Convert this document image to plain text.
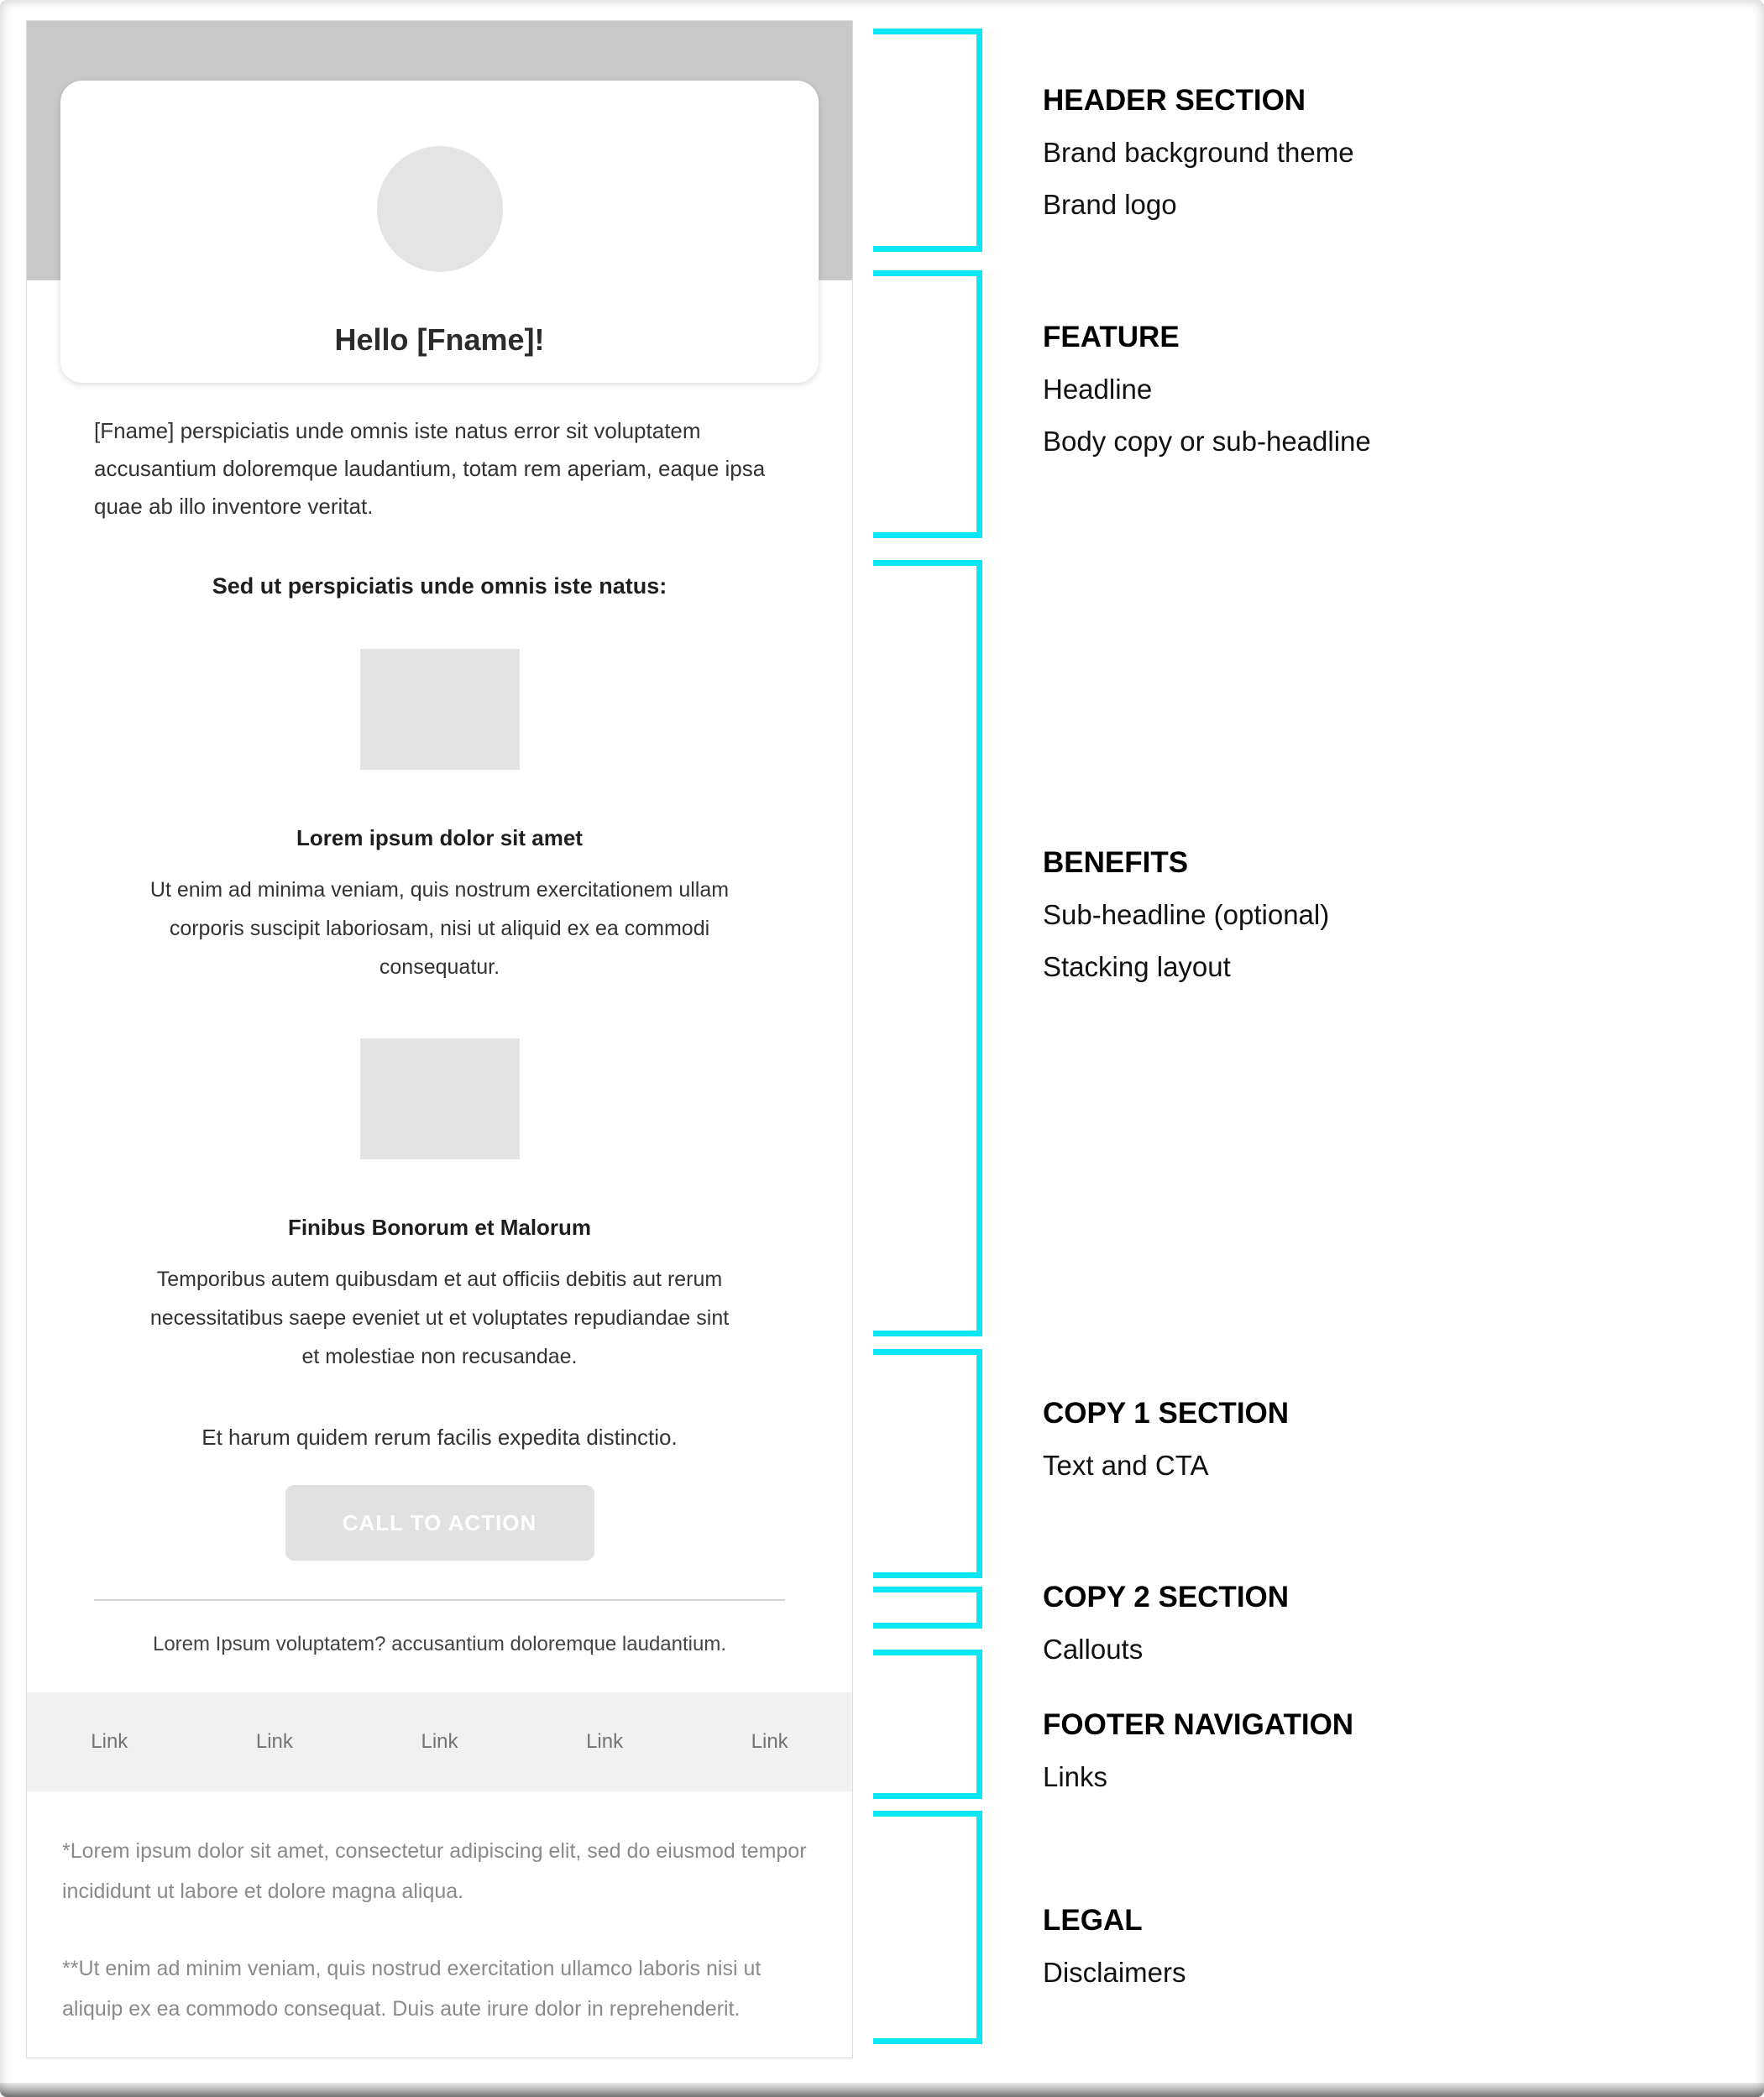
Hello [Fname]!

[Fname] perspiciatis unde omnis iste natus error sit voluptatem accusantium doloremque laudantium, totam rem aperiam, eaque ipsa quae ab illo inventore veritat.

Sed ut perspiciatis unde omnis iste natus:
Lorem ipsum dolor sit amet

Ut enim ad minima veniam, quis nostrum exercitationem ullam corporis suscipit laboriosam, nisi ut aliquid ex ea commodi consequatur.

Finibus Bonorum et Malorum

Temporibus autem quibusdam et aut officiis debitis aut rerum necessitatibus saepe eveniet ut et voluptates repudiandae sint et molestiae non recusandae.

Et harum quidem rerum facilis expedita distinctio.

CALL TO ACTION

Lorem Ipsum voluptatem? accusantium doloremque laudantium.

Link	Link	Link	Link	Link

*Lorem ipsum dolor sit amet, consectetur adipiscing elit, sed do eiusmod tempor incididunt ut labore et dolore magna aliqua.

**Ut enim ad minim veniam, quis nostrud exercitation ullamco laboris nisi ut aliquip ex ea commodo consequat. Duis aute irure dolor in reprehenderit.

HEADER SECTION

Brand background theme

Brand logo

FEATURE

Headline

Body copy or sub-headline

BENEFITS

Sub-headline (optional)

Stacking layout

COPY 1 SECTION

Text and CTA

COPY 2 SECTION

Callouts

FOOTER NAVIGATION

Links

LEGAL

Disclaimers
